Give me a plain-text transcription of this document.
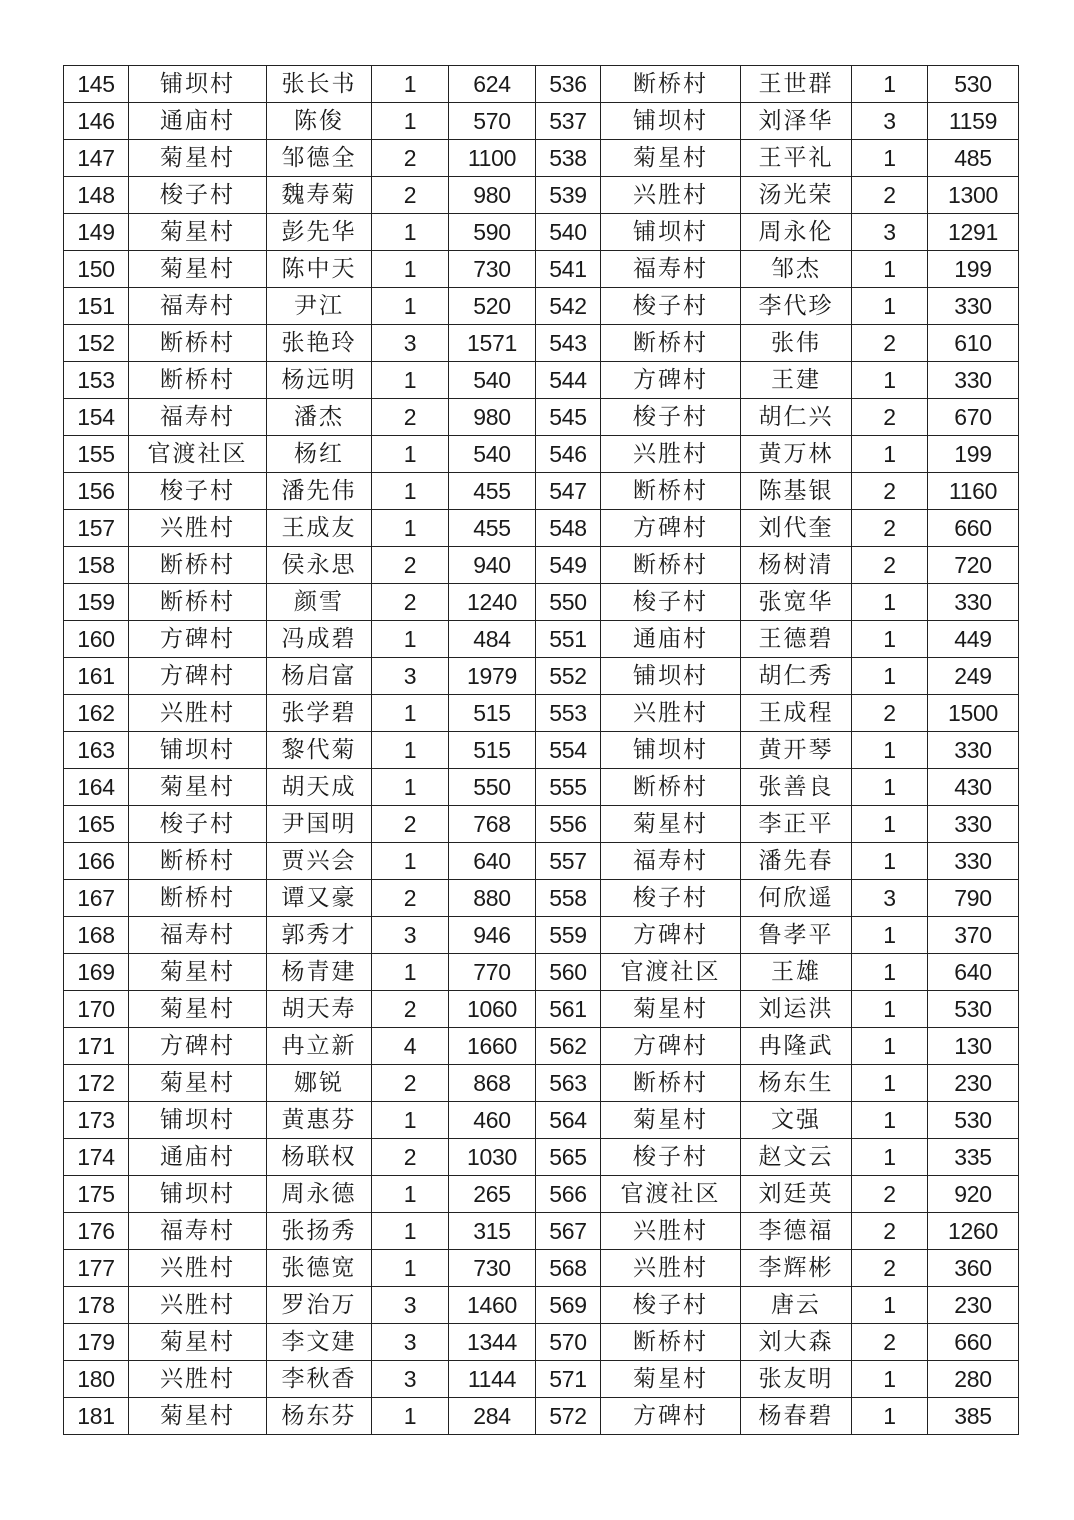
145	铺坝村	张长书	1	624	536	断桥村	王世群	1	530
146	通庙村	陈俊	1	570	537	铺坝村	刘泽华	3	1159
147	菊星村	邹德全	2	1100	538	菊星村	王平礼	1	485
148	梭子村	魏寿菊	2	980	539	兴胜村	汤光荣	2	1300
149	菊星村	彭先华	1	590	540	铺坝村	周永伦	3	1291
150	菊星村	陈中天	1	730	541	福寿村	邹杰	1	199
151	福寿村	尹江	1	520	542	梭子村	李代珍	1	330
152	断桥村	张艳玲	3	1571	543	断桥村	张伟	2	610
153	断桥村	杨远明	1	540	544	方碑村	王建	1	330
154	福寿村	潘杰	2	980	545	梭子村	胡仁兴	2	670
155	官渡社区	杨红	1	540	546	兴胜村	黄万林	1	199
156	梭子村	潘先伟	1	455	547	断桥村	陈基银	2	1160
157	兴胜村	王成友	1	455	548	方碑村	刘代奎	2	660
158	断桥村	侯永思	2	940	549	断桥村	杨树清	2	720
159	断桥村	颜雪	2	1240	550	梭子村	张宽华	1	330
160	方碑村	冯成碧	1	484	551	通庙村	王德碧	1	449
161	方碑村	杨启富	3	1979	552	铺坝村	胡仁秀	1	249
162	兴胜村	张学碧	1	515	553	兴胜村	王成程	2	1500
163	铺坝村	黎代菊	1	515	554	铺坝村	黄开琴	1	330
164	菊星村	胡天成	1	550	555	断桥村	张善良	1	430
165	梭子村	尹国明	2	768	556	菊星村	李正平	1	330
166	断桥村	贾兴会	1	640	557	福寿村	潘先春	1	330
167	断桥村	谭又豪	2	880	558	梭子村	何欣遥	3	790
168	福寿村	郭秀才	3	946	559	方碑村	鲁孝平	1	370
169	菊星村	杨青建	1	770	560	官渡社区	王雄	1	640
170	菊星村	胡天寿	2	1060	561	菊星村	刘运洪	1	530
171	方碑村	冉立新	4	1660	562	方碑村	冉隆武	1	130
172	菊星村	娜锐	2	868	563	断桥村	杨东生	1	230
173	铺坝村	黄惠芬	1	460	564	菊星村	文强	1	530
174	通庙村	杨联权	2	1030	565	梭子村	赵文云	1	335
175	铺坝村	周永德	1	265	566	官渡社区	刘廷英	2	920
176	福寿村	张扬秀	1	315	567	兴胜村	李德福	2	1260
177	兴胜村	张德宽	1	730	568	兴胜村	李辉彬	2	360
178	兴胜村	罗治万	3	1460	569	梭子村	唐云	1	230
179	菊星村	李文建	3	1344	570	断桥村	刘大森	2	660
180	兴胜村	李秋香	3	1144	571	菊星村	张友明	1	280
181	菊星村	杨东芬	1	284	572	方碑村	杨春碧	1	385
